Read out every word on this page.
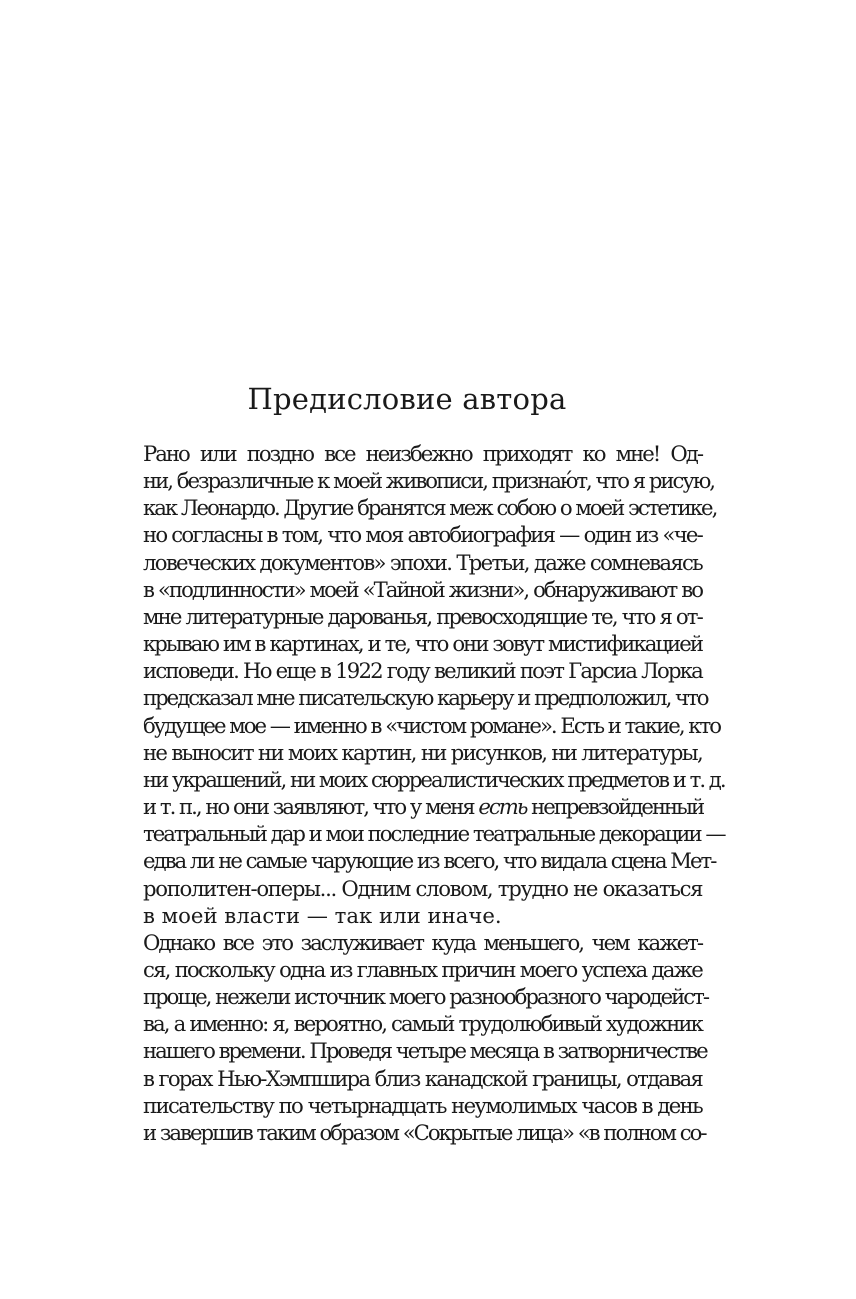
Предисловие автора

Рано или поздно все неизбежно приходят ко мне! Од-
ни, безразличные к моей живописи, признаю́т, что я рисую,
как Леонардо. Другие бранятся меж собою о моей эстетике,
но согласны в том, что моя автобиография — один из «че-
ловеческих документов» эпохи. Третьи, даже сомневаясь
в «подлинности» моей «Тайной жизни», обнаруживают во
мне литературные дарованья, превосходящие те, что я от-
крываю им в картинах, и те, что они зовут мистификацией
исповеди. Но еще в 1922 году великий поэт Гарсиа Лорка
предсказал мне писательскую карьеру и предположил, что
будущее мое — именно в «чистом романе». Есть и такие, кто
не выносит ни моих картин, ни рисунков, ни литературы,
ни украшений, ни моих сюрреалистических предметов и т. д.
и т. п., но они заявляют, что у меня есть непревзойденный
театральный дар и мои последние театральные декорации —
едва ли не самые чарующие из всего, что видала сцена Мет-
рополитен-оперы... Одним словом, трудно не оказаться
в моей власти — так или иначе.

Однако все это заслуживает куда меньшего, чем кажет-
ся, поскольку одна из главных причин моего успеха даже
проще, нежели источник моего разнообразного чародейст-
ва, а именно: я, вероятно, самый трудолюбивый художник
нашего времени. Проведя четыре месяца в затворничестве
в горах Нью-Хэмпшира близ канадской границы, отдавая
писательству по четырнадцать неумолимых часов в день
и завершив таким образом «Сокрытые лица» «в полном со-
